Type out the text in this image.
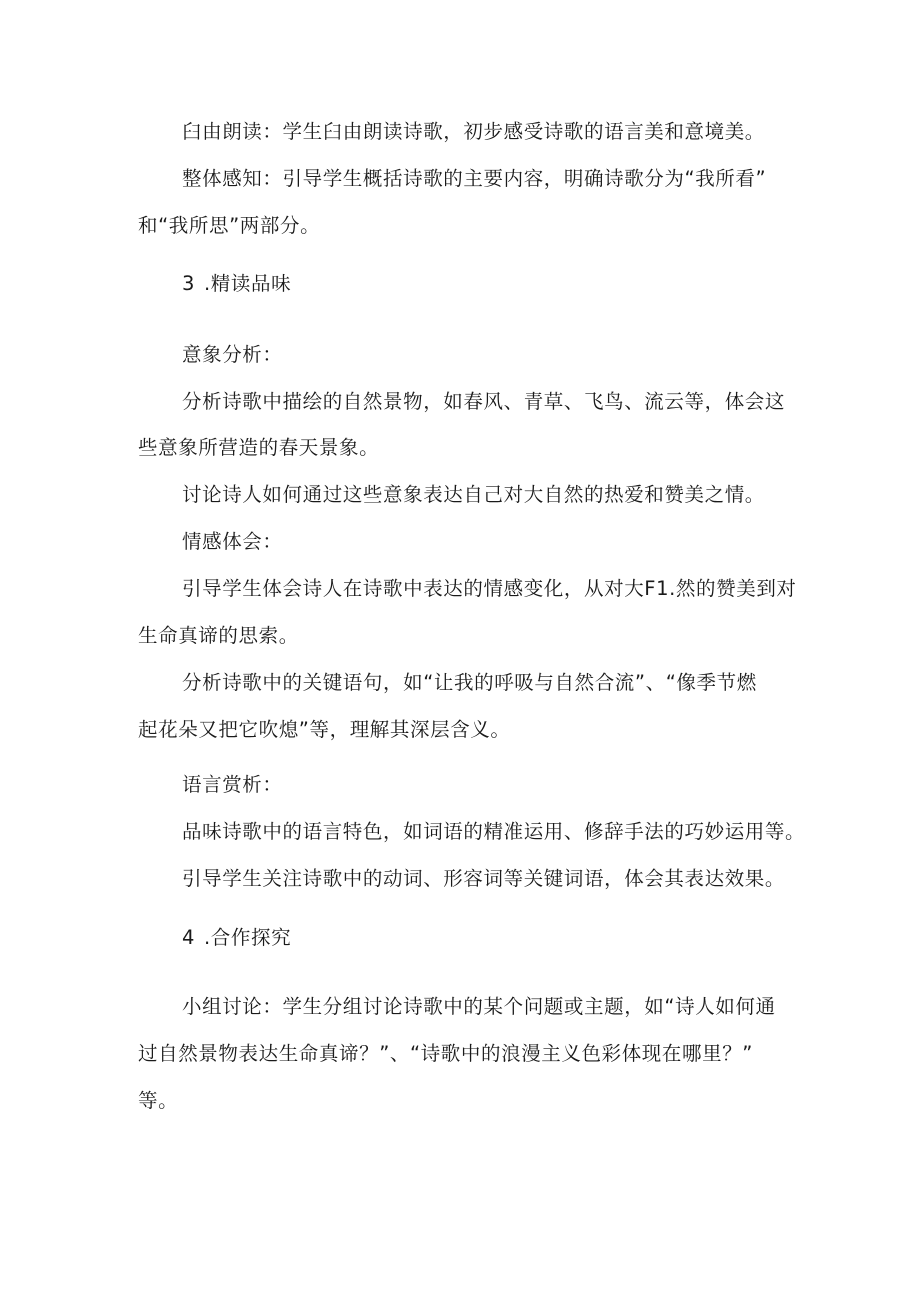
臼由朗读：学生臼由朗读诗歌，初步感受诗歌的语言美和意境美。
整体感知：引导学生概括诗歌的主要内容，明确诗歌分为“我所看”
和“我所思”两部分。
3 .精读品味
意象分析：
分析诗歌中描绘的自然景物，如春风、青草、飞鸟、流云等，体会这
些意象所营造的春天景象。
讨论诗人如何通过这些意象表达自己对大自然的热爱和赞美之情。
情感体会：
引导学生体会诗人在诗歌中表达的情感变化，从对大F1.然的赞美到对
生命真谛的思索。
分析诗歌中的关键语句，如“让我的呼吸与自然合流”、“像季节燃
起花朵又把它吹熄”等，理解其深层含义。
语言赏析：
品味诗歌中的语言特色，如词语的精准运用、修辞手法的巧妙运用等。
引导学生关注诗歌中的动词、形容词等关键词语，体会其表达效果。
4 .合作探究
小组讨论：学生分组讨论诗歌中的某个问题或主题，如“诗人如何通
过自然景物表达生命真谛？”、“诗歌中的浪漫主义色彩体现在哪里？”
等。
